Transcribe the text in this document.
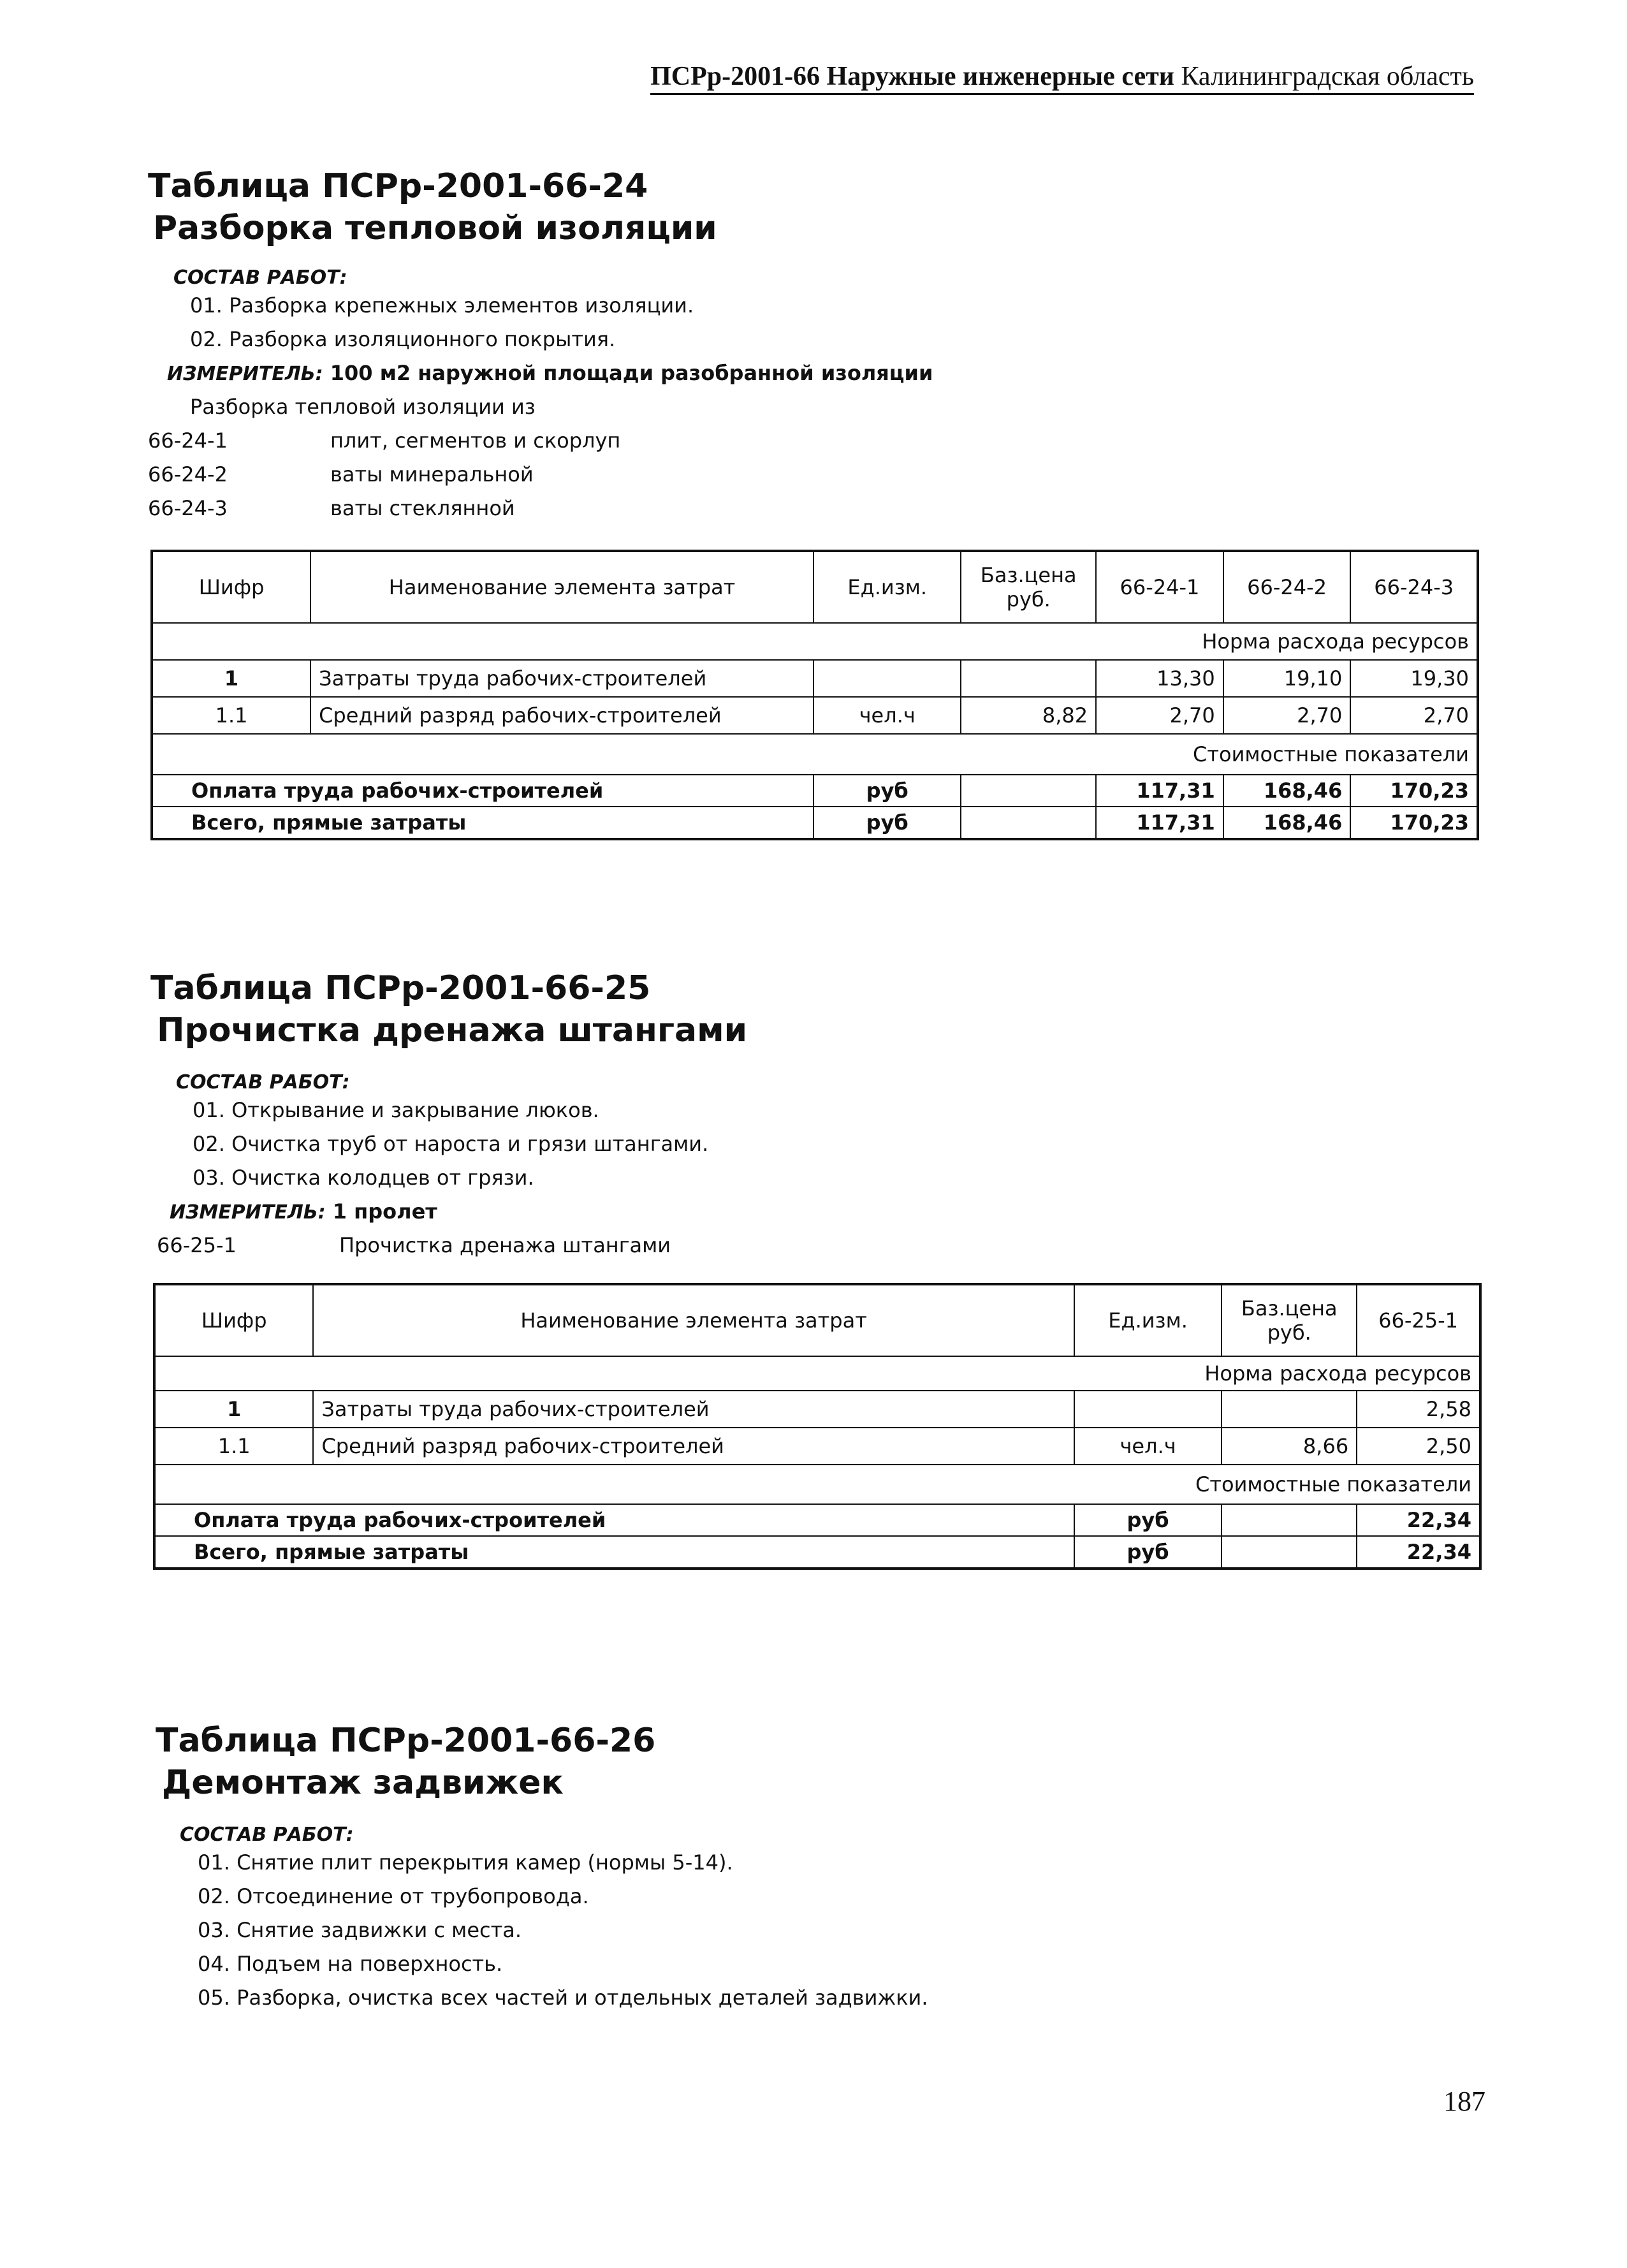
ПСРр-2001-66 Наружные инженерные сети Калининградская область
Таблица ПСРр-2001-66-24
Разборка тепловой изоляции
СОСТАВ РАБОТ:
01. Разборка крепежных элементов изоляции.
02. Разборка изоляционного покрытия.
ИЗМЕРИТЕЛЬ: 100 м2 наружной площади разобранной изоляции
Разборка тепловой изоляции из
66-24-1	плит, сегментов и скорлуп
66-24-2	ваты минеральной
66-24-3	ваты стеклянной
Шифр	Наименование элемента затрат	Ед.изм.	Баз.цена руб.	66-24-1	66-24-2	66-24-3
Норма расхода ресурсов						
1	Затраты труда рабочих-строителей			13,30	19,10	19,30
1.1	Средний разряд рабочих-строителей	чел.ч	8,82	2,70	2,70	2,70
Стоимостные показатели						
Оплата труда рабочих-строителей		руб		117,31	168,46	170,23
Всего, прямые затраты		руб		117,31	168,46	170,23
Таблица ПСРр-2001-66-25
Прочистка дренажа штангами
СОСТАВ РАБОТ:
01. Открывание и закрывание люков.
02. Очистка труб от нароста и грязи штангами.
03. Очистка колодцев от грязи.
ИЗМЕРИТЕЛЬ: 1 пролет
66-25-1	Прочистка дренажа штангами
Шифр	Наименование элемента затрат	Ед.изм.	Баз.цена руб.	66-25-1
Норма расхода ресурсов				
1	Затраты труда рабочих-строителей			2,58
1.1	Средний разряд рабочих-строителей	чел.ч	8,66	2,50
Стоимостные показатели				
Оплата труда рабочих-строителей		руб		22,34
Всего, прямые затраты		руб		22,34
Таблица ПСРр-2001-66-26
Демонтаж задвижек
СОСТАВ РАБОТ:
01. Снятие плит перекрытия камер (нормы 5-14).
02. Отсоединение от трубопровода.
03. Снятие задвижки с места.
04. Подъем на поверхность.
05. Разборка, очистка всех частей и отдельных деталей задвижки.
187
